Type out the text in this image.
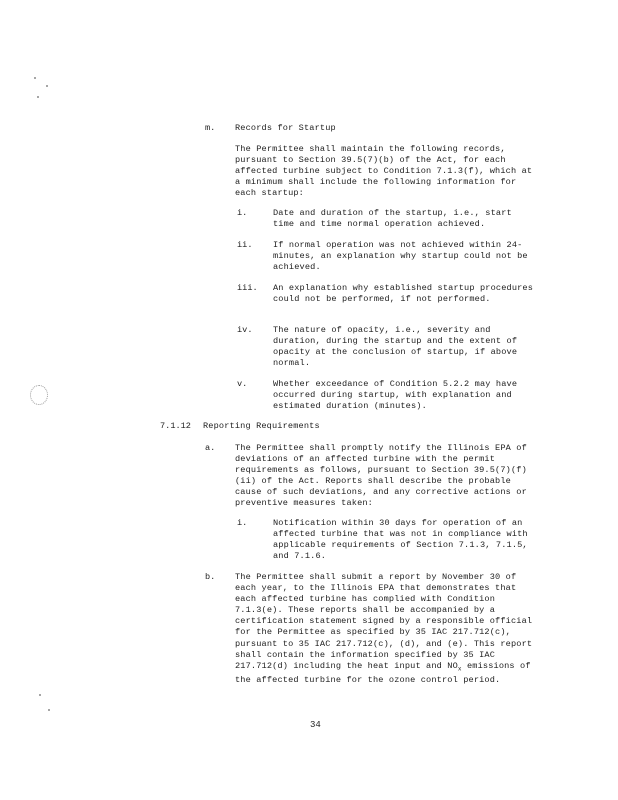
m. Records for Startup

The Permittee shall maintain the following records, pursuant to Section 39.5(7)(b) of the Act, for each affected turbine subject to Condition 7.1.3(f), which at a minimum shall include the following information for each startup:

i.	Date and duration of the startup, i.e., start time and time normal operation achieved.

ii. If normal operation was not achieved within 24-minutes, an explanation why startup could not be achieved.

iii. An explanation why established startup procedures could not be performed, if not performed.

iv. The nature of opacity, i.e., severity and duration, during the startup and the extent of opacity at the conclusion of startup, if above normal.

v.	Whether exceedance of Condition 5.2.2 may have occurred during startup, with explanation and estimated duration (minutes).

7.1.12 Reporting Requirements

a. The Permittee shall promptly notify the Illinois EPA of deviations of an affected turbine with the permit requirements as follows, pursuant to Section 39.5(7)(f)(ii) of the Act. Reports shall describe the probable cause of such deviations, and any corrective actions or preventive measures taken:

i.	Notification within 30 days for operation of an affected turbine that was not in compliance with applicable requirements of Section 7.1.3, 7.1.5, and 7.1.6.

b. The Permittee shall submit a report by November 30 of each year, to the Illinois EPA that demonstrates that each affected turbine has complied with Condition 7.1.3(e). These reports shall be accompanied by a certification statement signed by a responsible official for the Permittee as specified by 35 IAC 217.712(c), pursuant to 35 IAC 217.712(c), (d), and (e). This report shall contain the information specified by 35 IAC 217.712(d) including the heat input and $NO_x$ emissions of the affected turbine for the ozone control period.

34
